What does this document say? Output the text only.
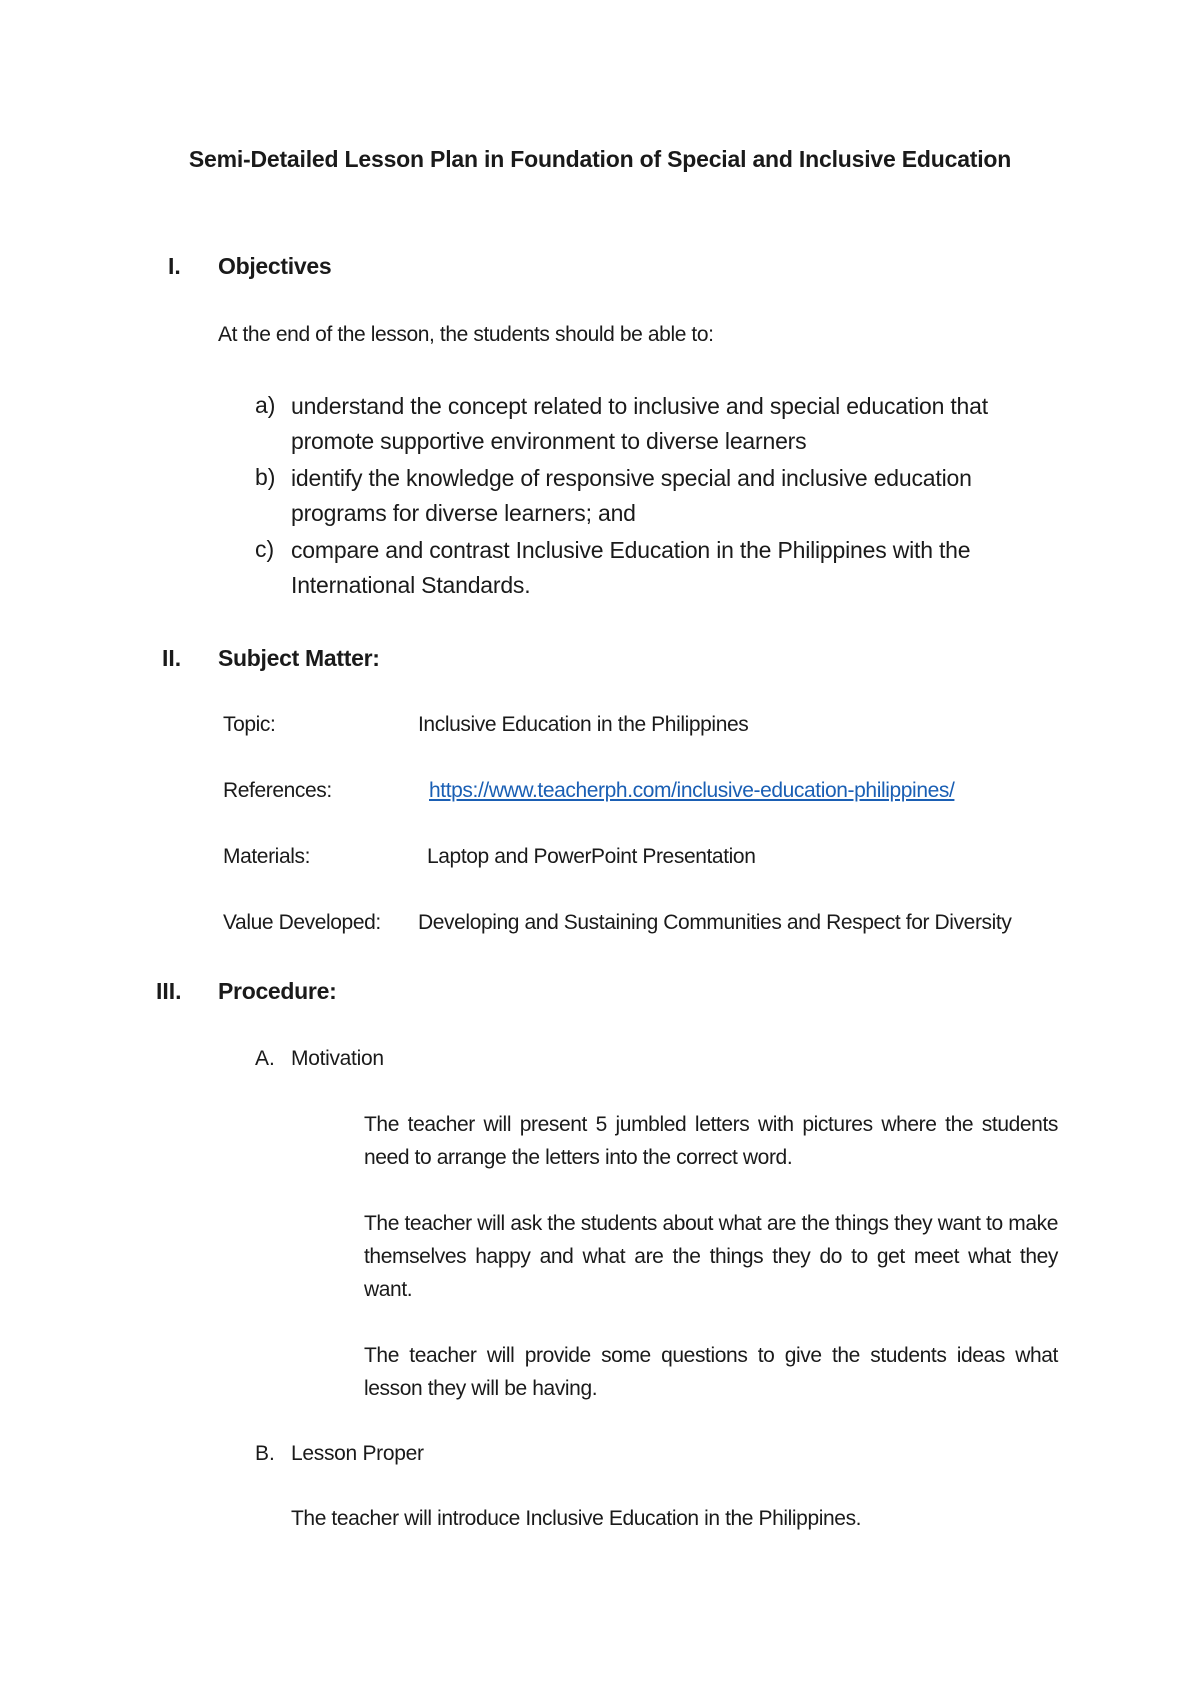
Semi-Detailed Lesson Plan in Foundation of Special and Inclusive Education
I. Objectives
At the end of the lesson, the students should be able to:
a) understand the concept related to inclusive and special education that promote supportive environment to diverse learners
b) identify the knowledge of responsive special and inclusive education programs for diverse learners; and
c) compare and contrast Inclusive Education in the Philippines with the International Standards.
II. Subject Matter:
Topic:	Inclusive Education in the Philippines
References:	https://www.teacherph.com/inclusive-education-philippines/
Materials:	Laptop and PowerPoint Presentation
Value Developed: Developing and Sustaining Communities and Respect for Diversity
III. Procedure:
A. Motivation
The teacher will present 5 jumbled letters with pictures where the students need to arrange the letters into the correct word.
The teacher will ask the students about what are the things they want to make themselves happy and what are the things they do to get meet what they want.
The teacher will provide some questions to give the students ideas what lesson they will be having.
B. Lesson Proper
The teacher will introduce Inclusive Education in the Philippines.
